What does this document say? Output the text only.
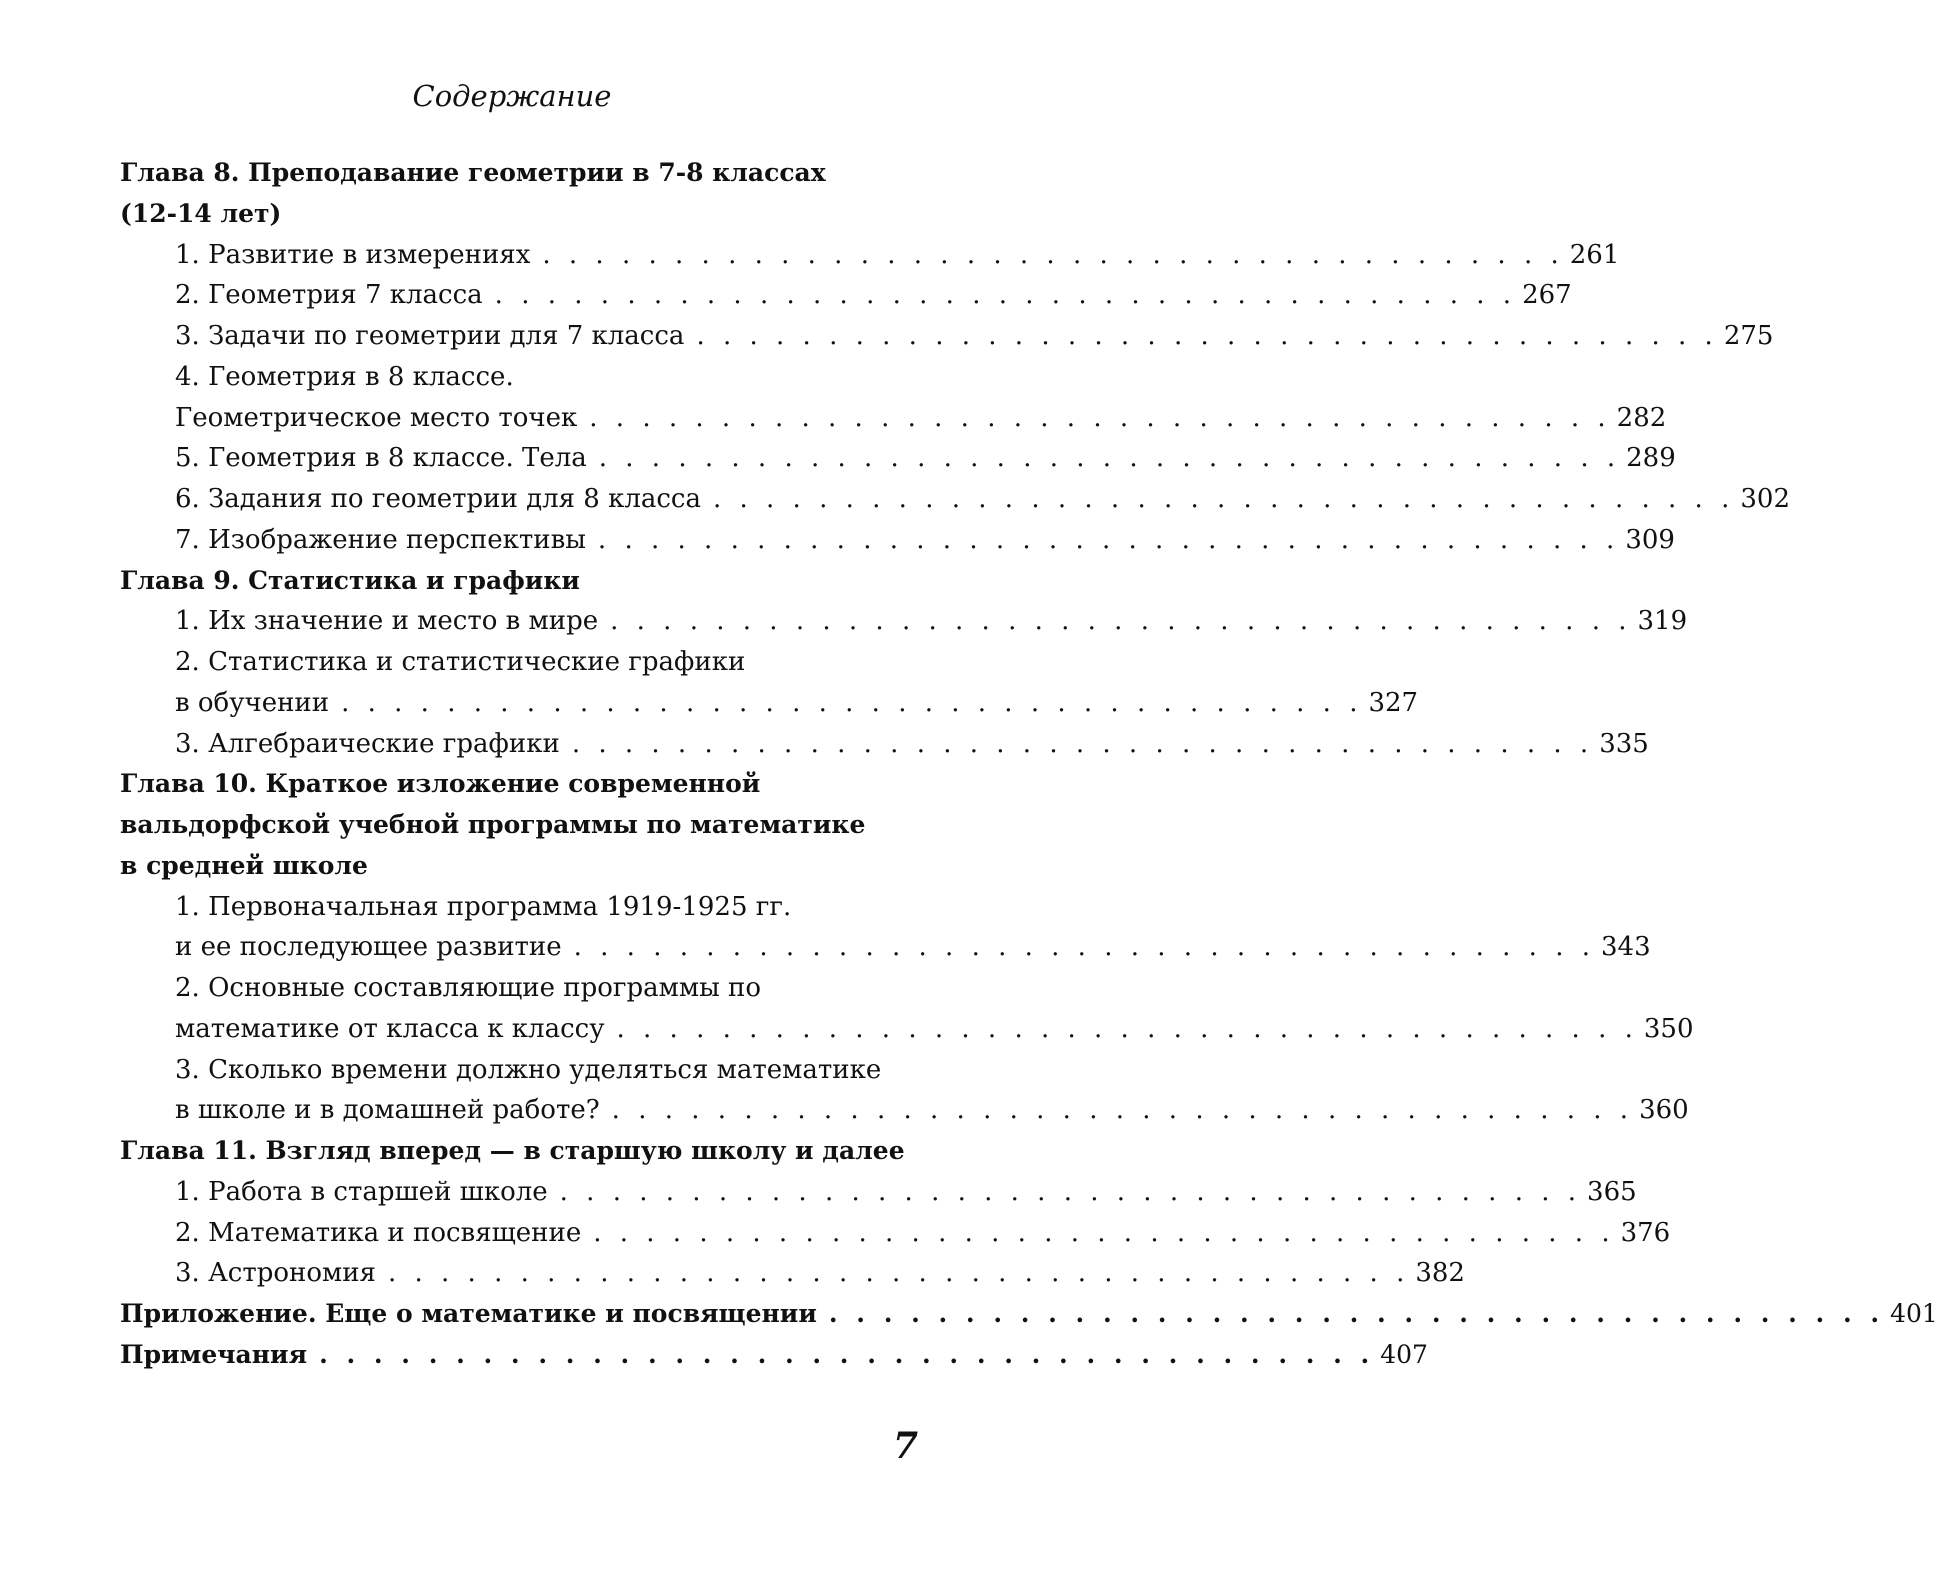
Содержание
Глава 8. Преподавание геометрии в 7-8 классах
(12-14 лет)
1. Развитие в измерениях . . . . . . . . . . . . . . . . . . . . . . . . . . . . . . . . . . . . . . . 261
2. Геометрия 7 класса . . . . . . . . . . . . . . . . . . . . . . . . . . . . . . . . . . . . . . . 267
3. Задачи по геометрии для 7 класса . . . . . . . . . . . . . . . . . . . . . . . . . . . . . . . . . . . . . . . 275
4. Геометрия в 8 классе.
Геометрическое место точек . . . . . . . . . . . . . . . . . . . . . . . . . . . . . . . . . . . . . . . 282
5. Геометрия в 8 классе. Тела . . . . . . . . . . . . . . . . . . . . . . . . . . . . . . . . . . . . . . . 289
6. Задания по геометрии для 8 класса . . . . . . . . . . . . . . . . . . . . . . . . . . . . . . . . . . . . . . . 302
7. Изображение перспективы . . . . . . . . . . . . . . . . . . . . . . . . . . . . . . . . . . . . . . . 309
Глава 9. Статистика и графики
1. Их значение и место в мире . . . . . . . . . . . . . . . . . . . . . . . . . . . . . . . . . . . . . . . 319
2. Статистика и статистические графики
в обучении . . . . . . . . . . . . . . . . . . . . . . . . . . . . . . . . . . . . . . . 327
3. Алгебраические графики . . . . . . . . . . . . . . . . . . . . . . . . . . . . . . . . . . . . . . . 335
Глава 10. Краткое изложение современной
вальдорфской учебной программы по математике
в средней школе
1. Первоначальная программа 1919-1925 гг.
и ее последующее развитие . . . . . . . . . . . . . . . . . . . . . . . . . . . . . . . . . . . . . . . 343
2. Основные составляющие программы по
математике от класса к классу . . . . . . . . . . . . . . . . . . . . . . . . . . . . . . . . . . . . . . . 350
3. Сколько времени должно уделяться математике
в школе и в домашней работе? . . . . . . . . . . . . . . . . . . . . . . . . . . . . . . . . . . . . . . . 360
Глава 11. Взгляд вперед — в старшую школу и далее
1. Работа в старшей школе . . . . . . . . . . . . . . . . . . . . . . . . . . . . . . . . . . . . . . . 365
2. Математика и посвящение . . . . . . . . . . . . . . . . . . . . . . . . . . . . . . . . . . . . . . . 376
3. Астрономия . . . . . . . . . . . . . . . . . . . . . . . . . . . . . . . . . . . . . . . 382
Приложение. Еще о математике и посвящении . . . . . . . . . . . . . . . . . . . . . . . . . . . . . . . . . . . . . . . 401
Примечания . . . . . . . . . . . . . . . . . . . . . . . . . . . . . . . . . . . . . . . 407
7
